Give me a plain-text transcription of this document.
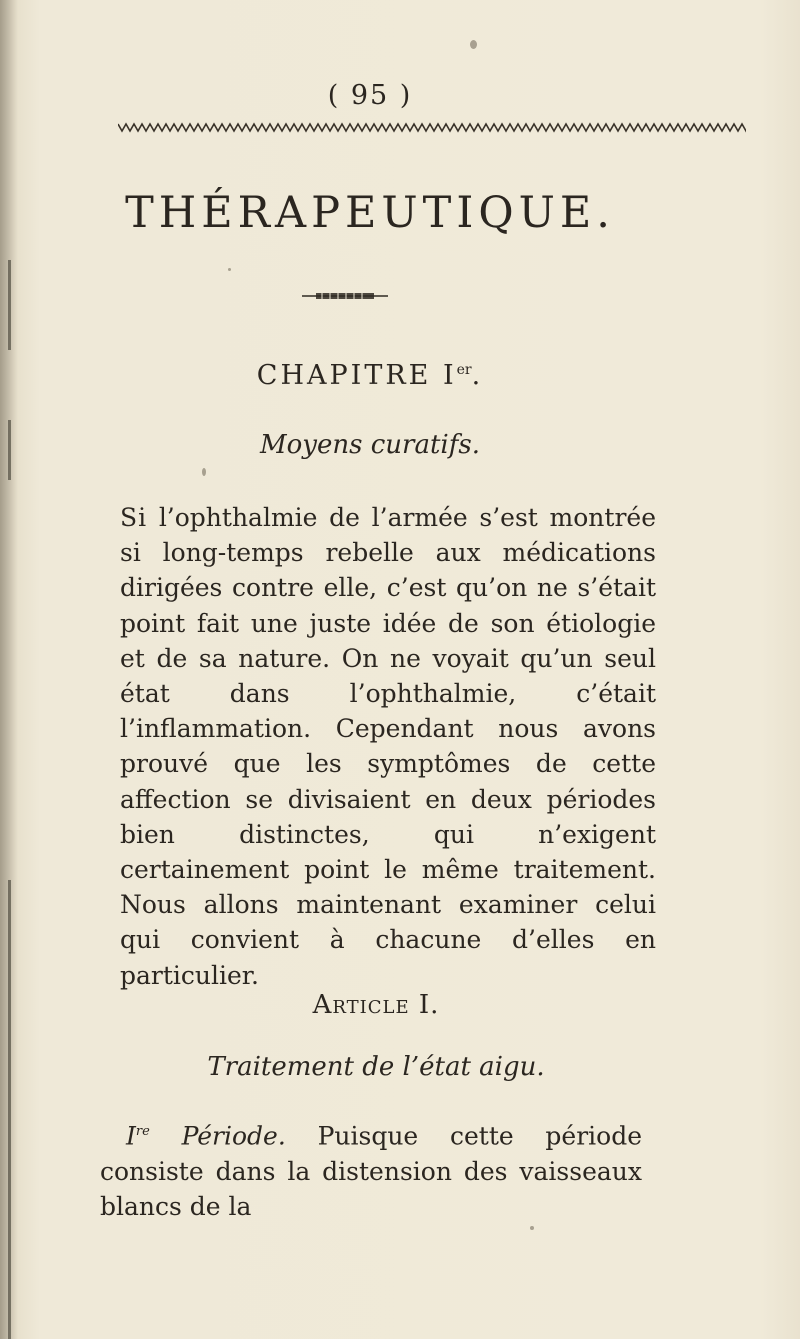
( 95 )
THÉRAPEUTIQUE.
CHAPITRE Ier.
Moyens curatifs.
Si l’ophthalmie de l’armée s’est montrée si long-temps rebelle aux médications dirigées contre elle, c’est qu’on ne s’était point fait une juste idée de son étiologie et de sa nature. On ne voyait qu’un seul état dans l’ophthalmie, c’était l’inflammation. Cependant nous avons prouvé que les symptômes de cette affection se divisaient en deux périodes bien distinctes, qui n’exigent certainement point le même traitement. Nous allons maintenant examiner celui qui convient à chacune d’elles en particulier.
Article I.
Traitement de l’état aigu.
Ire Période. Puisque cette période consiste dans la distension des vaisseaux blancs de la
